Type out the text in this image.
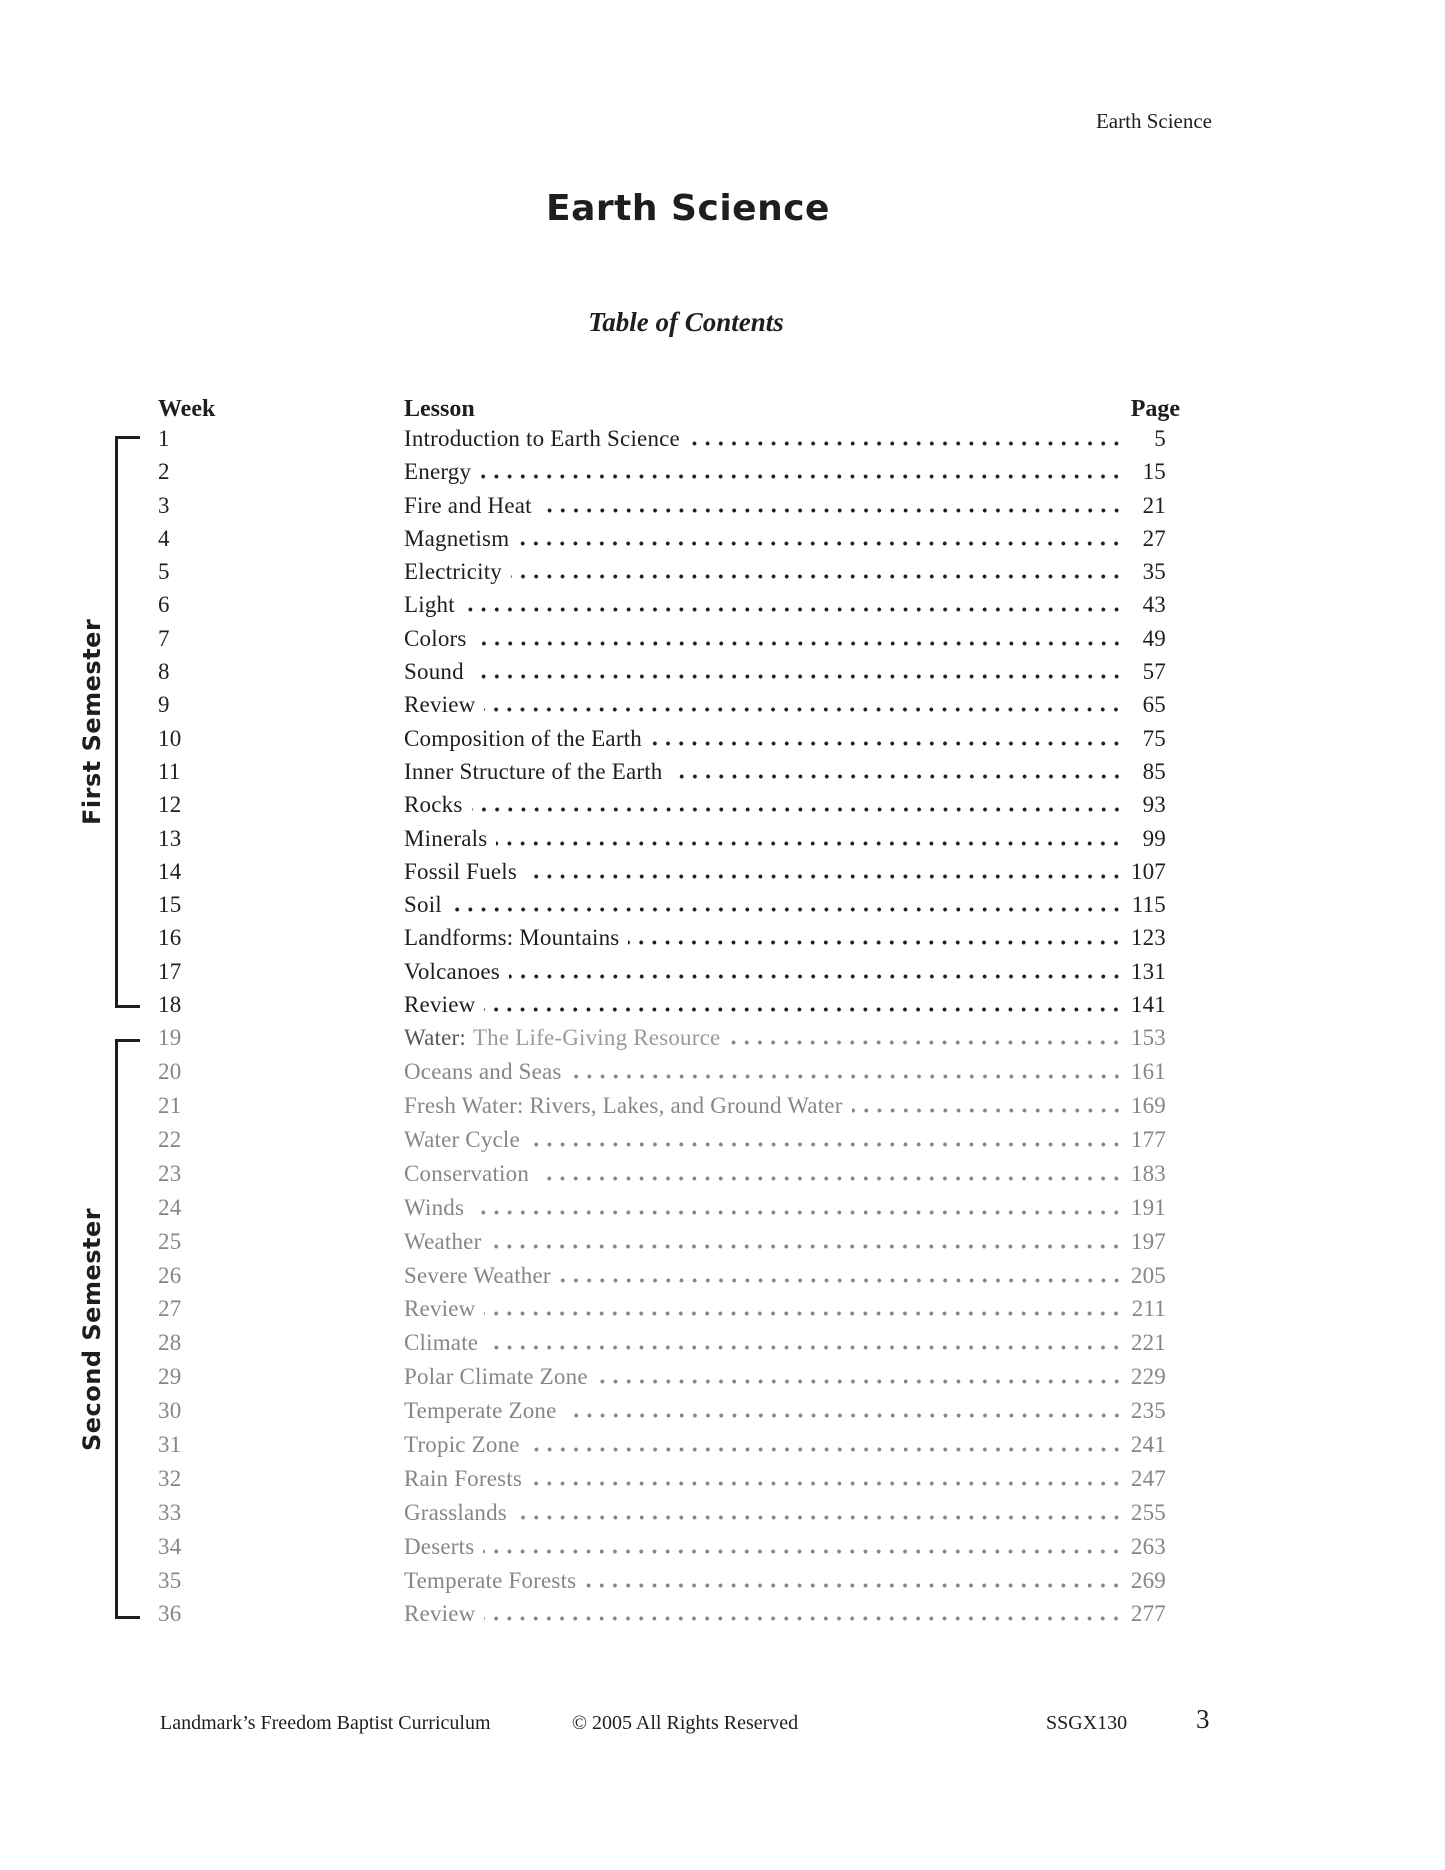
Earth Science
Earth Science
Table of Contents
First Semester
Second Semester
Week	Lesson	Page
1	Introduction to Earth Science	5
2	Energy	15
3	Fire and Heat	21
4	Magnetism	27
5	Electricity	35
6	Light	43
7	Colors	49
8	Sound	57
9	Review	65
10	Composition of the Earth	75
11	Inner Structure of the Earth	85
12	Rocks	93
13	Minerals	99
14	Fossil Fuels	107
15	Soil	115
16	Landforms: Mountains	123
17	Volcanoes	131
18	Review	141
19	Water: The Life-Giving Resource	153
20	Oceans and Seas	161
21	Fresh Water: Rivers, Lakes, and Ground Water	169
22	Water Cycle	177
23	Conservation	183
24	Winds	191
25	Weather	197
26	Severe Weather	205
27	Review	211
28	Climate	221
29	Polar Climate Zone	229
30	Temperate Zone	235
31	Tropic Zone	241
32	Rain Forests	247
33	Grasslands	255
34	Deserts	263
35	Temperate Forests	269
36	Review	277
Landmark’s Freedom Baptist Curriculum	© 2005 All Rights Reserved	SSGX130	3
